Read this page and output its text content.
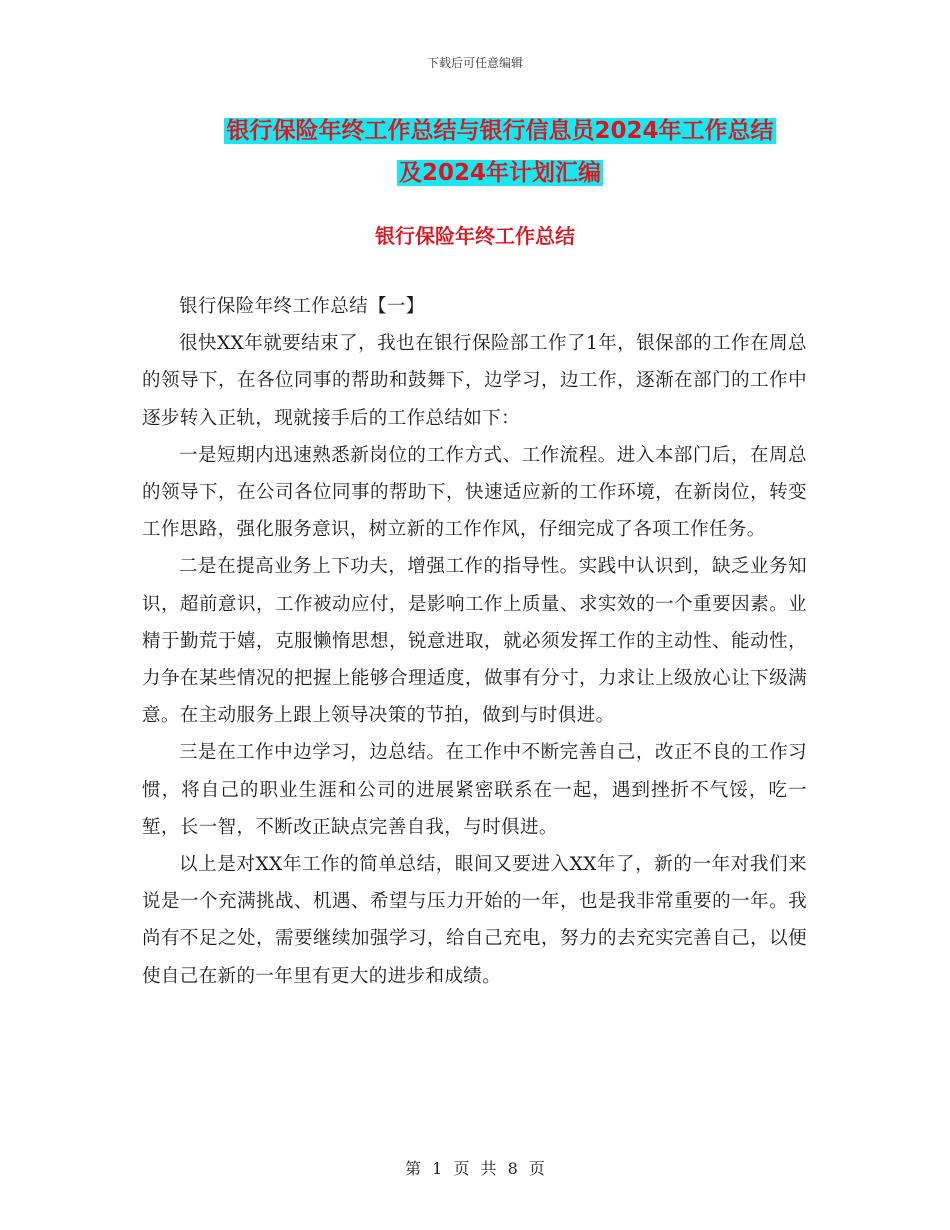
下载后可任意编辑
银行保险年终工作总结与银行信息员2024年工作总结
及2024年计划汇编
银行保险年终工作总结

银行保险年终工作总结【一】

很快XX年就要结束了，我也在银行保险部工作了1年，银保部的工作在周总的领导下，在各位同事的帮助和鼓舞下，边学习，边工作，逐渐在部门的工作中逐步转入正轨，现就接手后的工作总结如下：

一是短期内迅速熟悉新岗位的工作方式、工作流程。进入本部门后，在周总的领导下，在公司各位同事的帮助下，快速适应新的工作环境，在新岗位，转变工作思路，强化服务意识，树立新的工作作风，仔细完成了各项工作任务。

二是在提高业务上下功夫，增强工作的指导性。实践中认识到，缺乏业务知识，超前意识，工作被动应付，是影响工作上质量、求实效的一个重要因素。业精于勤荒于嬉，克服懒惰思想，锐意进取，就必须发挥工作的主动性、能动性，力争在某些情况的把握上能够合理适度，做事有分寸，力求让上级放心让下级满意。在主动服务上跟上领导决策的节拍，做到与时俱进。

三是在工作中边学习，边总结。在工作中不断完善自己，改正不良的工作习惯，将自己的职业生涯和公司的进展紧密联系在一起，遇到挫折不气馁，吃一堑，长一智，不断改正缺点完善自我，与时俱进。

以上是对XX年工作的简单总结，眼间又要进入XX年了，新的一年对我们来说是一个充满挑战、机遇、希望与压力开始的一年，也是我非常重要的一年。我尚有不足之处，需要继续加强学习，给自己充电，努力的去充实完善自己，以便使自己在新的一年里有更大的进步和成绩。

第 1 页 共 8 页
